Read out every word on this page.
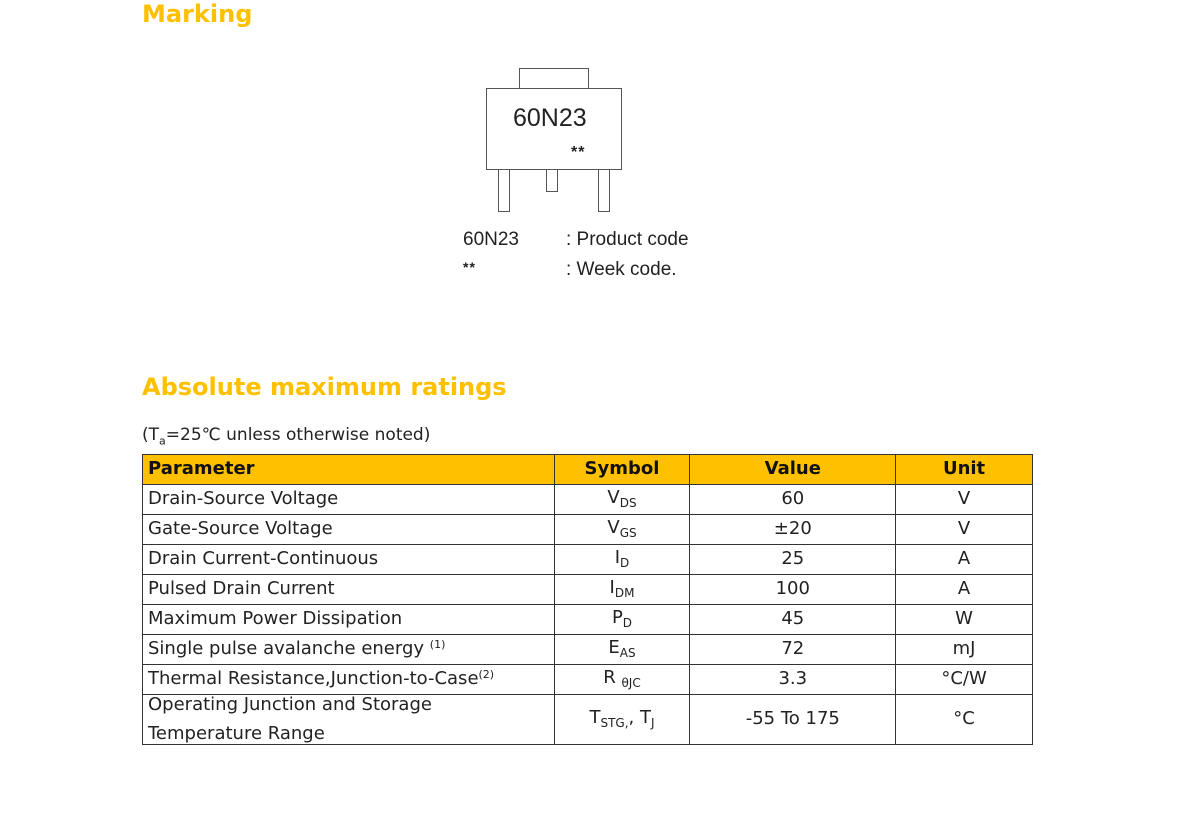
Marking
60N23
**
60N23 : Product code
**	: Week code.
Absolute maximum ratings
($T_a=25℃$ unless otherwise noted)
Parameter	Symbol	Value	Unit
Drain-Source Voltage	$V_{DS}$	60	V
Gate-Source Voltage	$V_{GS}$	±20	V
Drain Current-Continuous	$I_D$	25	A
Pulsed Drain Current	$I_{DM}$	100	A
Maximum Power Dissipation	$P_D$	45	W
Single pulse avalanche energy $^{(1)}$	$E_{AS}$	72	mJ
Thermal Resistance,Junction-to-Case$^{(2)}$	R $_{\theta JC}$	3.3	°C/W

Operating Junction and Storage
Temperature Range	$T_{STG,}$, $T_J$	-55 To 175	°C
